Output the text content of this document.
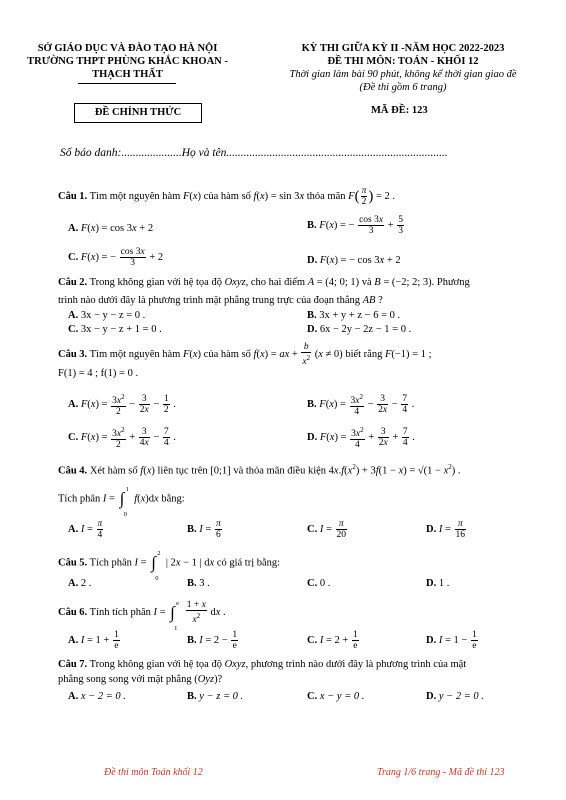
SỞ GIÁO DỤC VÀ ĐÀO TẠO HÀ NỘI
TRƯỜNG THPT PHÙNG KHẮC KHOAN -
THẠCH THẤT
ĐỀ CHÍNH THỨC
KỲ THI GIỮA KỲ II -NĂM HỌC 2022-2023
ĐỀ THI MÔN: TOÁN - KHỐI 12
Thời gian làm bài 90 phút, không kể thời gian giao đề
(Đề thi gồm 6 trang)
MÃ ĐỀ: 123
Số báo danh:.....................Họ và tên.............................................................................
Câu 1. Tìm một nguyên hàm F(x) của hàm số f(x) = sin 3x thỏa mãn $F( \frac{\pi}{2}$ ) = 2 .
A. F(x) = cos 3x + 2	B. F(x) = − $\frac{\cos 3x}{3} + \frac{5}{3}$
C. F(x) = − $\frac{\cos 3x}{3} + 2$	D. F(x) = − cos 3x + 2
Câu 2. Trong không gian với hệ tọa độ Oxyz, cho hai điểm A = (4; 0; 1) và B = (−2; 2; 3). Phương
trình nào dưới đây là phương trình mặt phẳng trung trực của đoạn thẳng AB ?
A. 3x − y − z = 0 .	B. 3x + y + z − 6 = 0 .
C. 3x − y − z + 1 = 0 .	D. 6x − 2y − 2z − 1 = 0 .
Câu 3. Tìm một nguyên hàm F(x) của hàm số f(x) = ax + $\frac{b}{x^2} (x \ne 0)$ biết rằng F(−1) = 1 ;
F(1) = 4 ; f(1) = 0 .
A. $F(x) = \frac{3x^2}{2} - \frac{3}{2x} - \frac{1}{2}$ .	B. $F(x) = \frac{3x^2}{4} - \frac{3}{2x} - \frac{7}{4}$ .
C. $F(x) = \frac{3x^2}{2} + \frac{3}{4x} - \frac{7}{4}$ .	D. $F(x) = \frac{3x^2}{4} + \frac{3}{2x} + \frac{7}{4}$ .
Câu 4. Xét hàm số f(x) liên tục trên [0;1] và thỏa mãn điều kiện $4x.f(x^2) + 3f(1 - x) = √(1 - x^2)$ .
Tích phân I = ∫ 1
0
f(x)dx bằng:
A. $I = \frac{\pi}{4}$	B. $I = \frac{\pi}{6}$	C. $I = \frac{\pi}{20}$	D. $I = \frac{\pi}{16}$
Câu 5. Tích phân I = ∫ 2
0
| 2x − 1 | dx có giá trị bằng:
A. 2 .	B. 3 .	C. 0 .	D. 1 .
Câu 6. Tính tích phân I = ∫ e
1

$\frac{1 + x}{x^2}$ dx .
A. $I = 1 + \frac{1}{e}$	B. $I = 2 - \frac{1}{e}$	C. $I = 2 + \frac{1}{e}$	D. $I = 1 - \frac{1}{e}$
Câu 7. Trong không gian với hệ tọa độ Oxyz, phương trình nào dưới đây là phương trình của mặt
phẳng song song với mặt phẳng (Oyz)?
A. x − 2 = 0 .	B. y − z = 0 .	C. x − y = 0 .	D. y − 2 = 0 .
Đề thi môn Toán khối 12	Trang 1/6 trang - Mã đề thi 123
